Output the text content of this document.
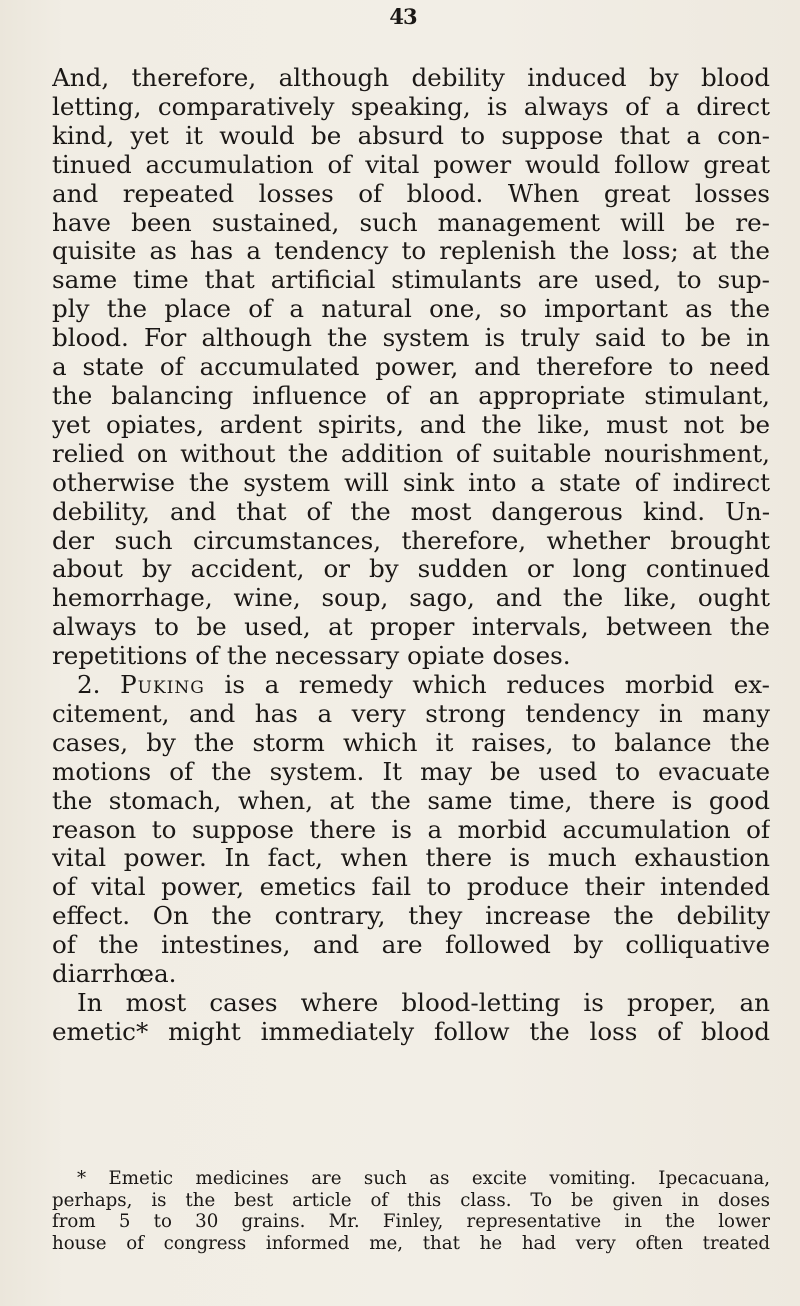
43
And, therefore, although debility induced by blood
letting, comparatively speaking, is always of a direct
kind, yet it would be absurd to suppose that a con-
tinued accumulation of vital power would follow great
and repeated losses of blood. When great losses
have been sustained, such management will be re-
quisite as has a tendency to replenish the loss; at the
same time that artificial stimulants are used, to sup-
ply the place of a natural one, so important as the
blood. For although the system is truly said to be in
a state of accumulated power, and therefore to need
the balancing influence of an appropriate stimulant,
yet opiates, ardent spirits, and the like, must not be
relied on without the addition of suitable nourishment,
otherwise the system will sink into a state of indirect
debility, and that of the most dangerous kind. Un-
der such circumstances, therefore, whether brought
about by accident, or by sudden or long continued
hemorrhage, wine, soup, sago, and the like, ought
always to be used, at proper intervals, between the
repetitions of the necessary opiate doses.
2. Puking is a remedy which reduces morbid ex-
citement, and has a very strong tendency in many
cases, by the storm which it raises, to balance the
motions of the system. It may be used to evacuate
the stomach, when, at the same time, there is good
reason to suppose there is a morbid accumulation of
vital power. In fact, when there is much exhaustion
of vital power, emetics fail to produce their intended
effect. On the contrary, they increase the debility
of the intestines, and are followed by colliquative
diarrhœa.
In most cases where blood-letting is proper, an
emetic* might immediately follow the loss of blood
* Emetic medicines are such as excite vomiting. Ipecacuana,
perhaps, is the best article of this class. To be given in doses
from 5 to 30 grains. Mr. Finley, representative in the lower
house of congress informed me, that he had very often treated
